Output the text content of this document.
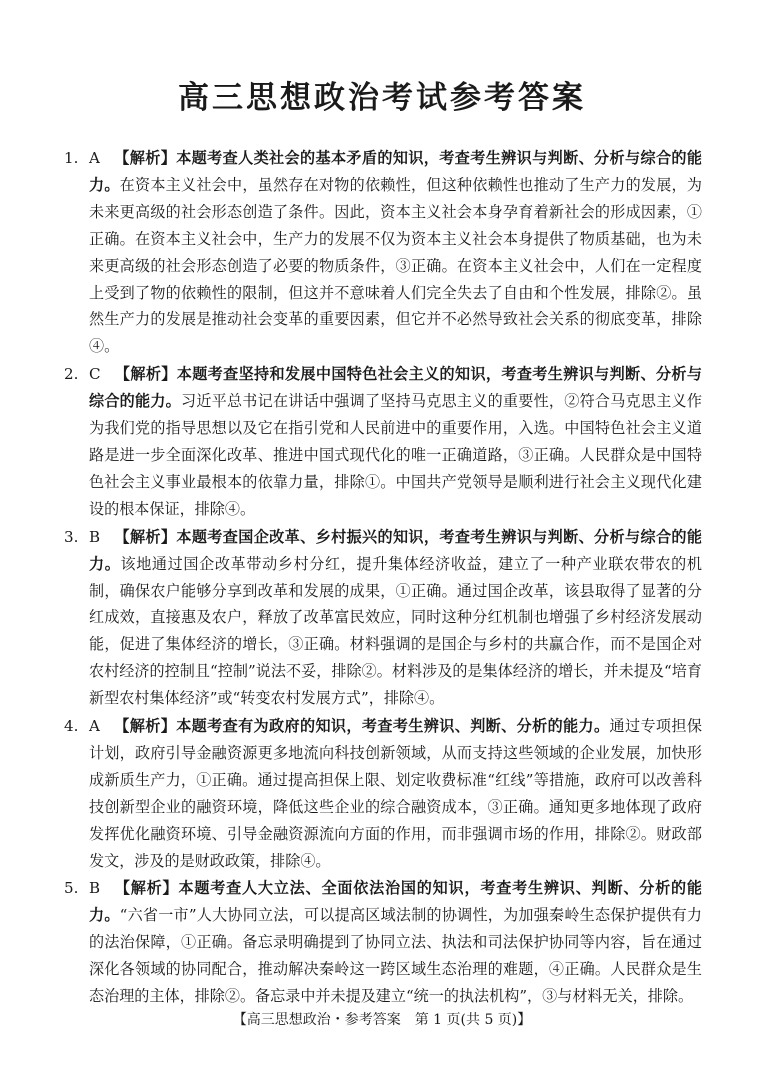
高三思想政治考试参考答案

1. A 【解析】本题考查人类社会的基本矛盾的知识，考查考生辨识与判断、分析与综合的能力。在资本主义社会中，虽然存在对物的依赖性，但这种依赖性也推动了生产力的发展，为未来更高级的社会形态创造了条件。因此，资本主义社会本身孕育着新社会的形成因素，①正确。在资本主义社会中，生产力的发展不仅为资本主义社会本身提供了物质基础，也为未来更高级的社会形态创造了必要的物质条件，③正确。在资本主义社会中，人们在一定程度上受到了物的依赖性的限制，但这并不意味着人们完全失去了自由和个性发展，排除②。虽然生产力的发展是推动社会变革的重要因素，但它并不必然导致社会关系的彻底变革，排除④。

2. C 【解析】本题考查坚持和发展中国特色社会主义的知识，考查考生辨识与判断、分析与综合的能力。习近平总书记在讲话中强调了坚持马克思主义的重要性，②符合马克思主义作为我们党的指导思想以及它在指引党和人民前进中的重要作用，入选。中国特色社会主义道路是进一步全面深化改革、推进中国式现代化的唯一正确道路，③正确。人民群众是中国特色社会主义事业最根本的依靠力量，排除①。中国共产党领导是顺利进行社会主义现代化建设的根本保证，排除④。

3. B 【解析】本题考查国企改革、乡村振兴的知识，考查考生辨识与判断、分析与综合的能力。该地通过国企改革带动乡村分红，提升集体经济收益，建立了一种产业联农带农的机制，确保农户能够分享到改革和发展的成果，①正确。通过国企改革，该县取得了显著的分红成效，直接惠及农户，释放了改革富民效应，同时这种分红机制也增强了乡村经济发展动能，促进了集体经济的增长，③正确。材料强调的是国企与乡村的共赢合作，而不是国企对农村经济的控制且“控制”说法不妥，排除②。材料涉及的是集体经济的增长，并未提及“培育新型农村集体经济”或“转变农村发展方式”，排除④。

4. A 【解析】本题考查有为政府的知识，考查考生辨识、判断、分析的能力。通过专项担保计划，政府引导金融资源更多地流向科技创新领域，从而支持这些领域的企业发展，加快形成新质生产力，①正确。通过提高担保上限、划定收费标准“红线”等措施，政府可以改善科技创新型企业的融资环境，降低这些企业的综合融资成本，③正确。通知更多地体现了政府发挥优化融资环境、引导金融资源流向方面的作用，而非强调市场的作用，排除②。财政部发文，涉及的是财政政策，排除④。

5. B 【解析】本题考查人大立法、全面依法治国的知识，考查考生辨识、判断、分析的能力。“六省一市”人大协同立法，可以提高区域法制的协调性，为加强秦岭生态保护提供有力的法治保障，①正确。备忘录明确提到了协同立法、执法和司法保护协同等内容，旨在通过深化各领域的协同配合，推动解决秦岭这一跨区域生态治理的难题，④正确。人民群众是生态治理的主体，排除②。备忘录中并未提及建立“统一的执法机构”，③与材料无关，排除。

【高三思想政治・参考答案　第 1 页(共 5 页)】
